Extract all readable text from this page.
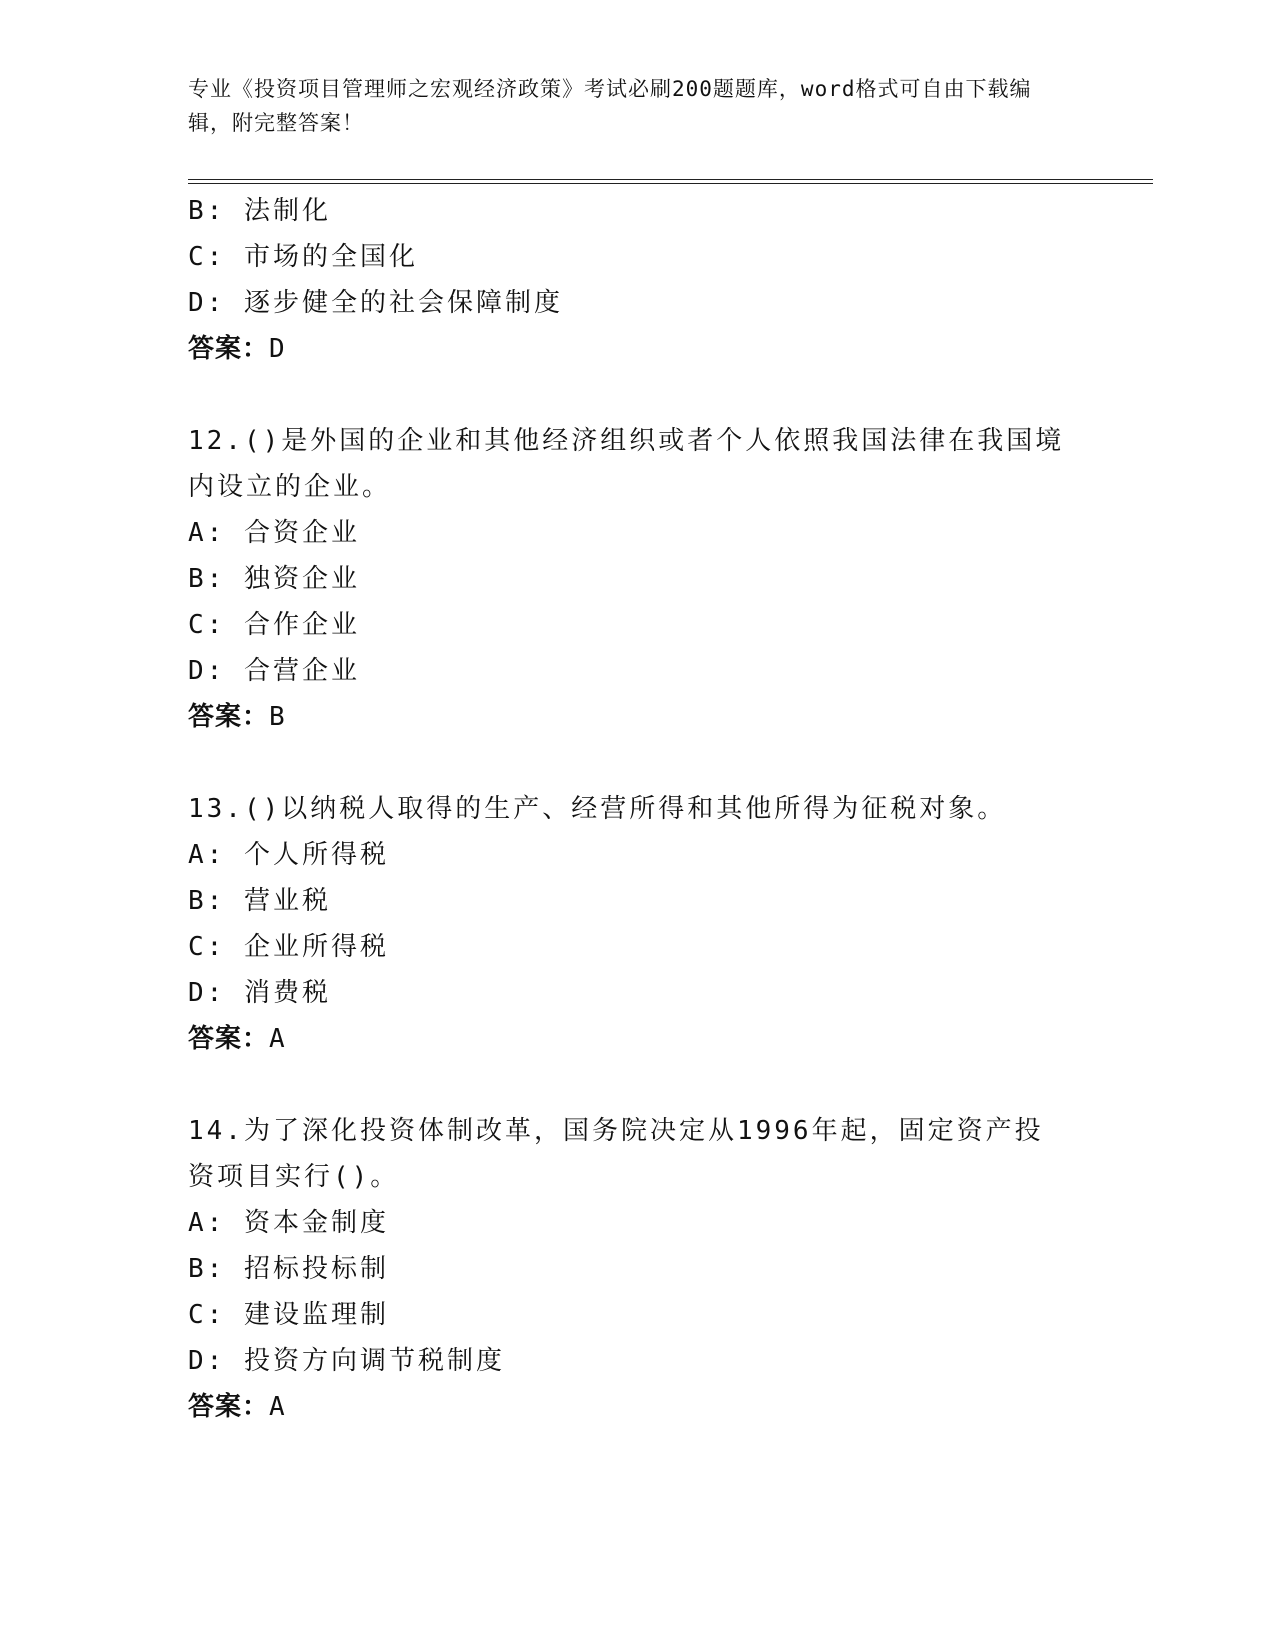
专业《投资项目管理师之宏观经济政策》考试必刷200题题库，word格式可自由下载编辑，附完整答案！
B: 法制化
C: 市场的全国化
D: 逐步健全的社会保障制度
答案：D
12.()是外国的企业和其他经济组织或者个人依照我国法律在我国境内设立的企业。
A: 合资企业
B: 独资企业
C: 合作企业
D: 合营企业
答案：B
13.()以纳税人取得的生产、经营所得和其他所得为征税对象。
A: 个人所得税
B: 营业税
C: 企业所得税
D: 消费税
答案：A
14.为了深化投资体制改革，国务院决定从1996年起，固定资产投资项目实行()。
A: 资本金制度
B: 招标投标制
C: 建设监理制
D: 投资方向调节税制度
答案：A
